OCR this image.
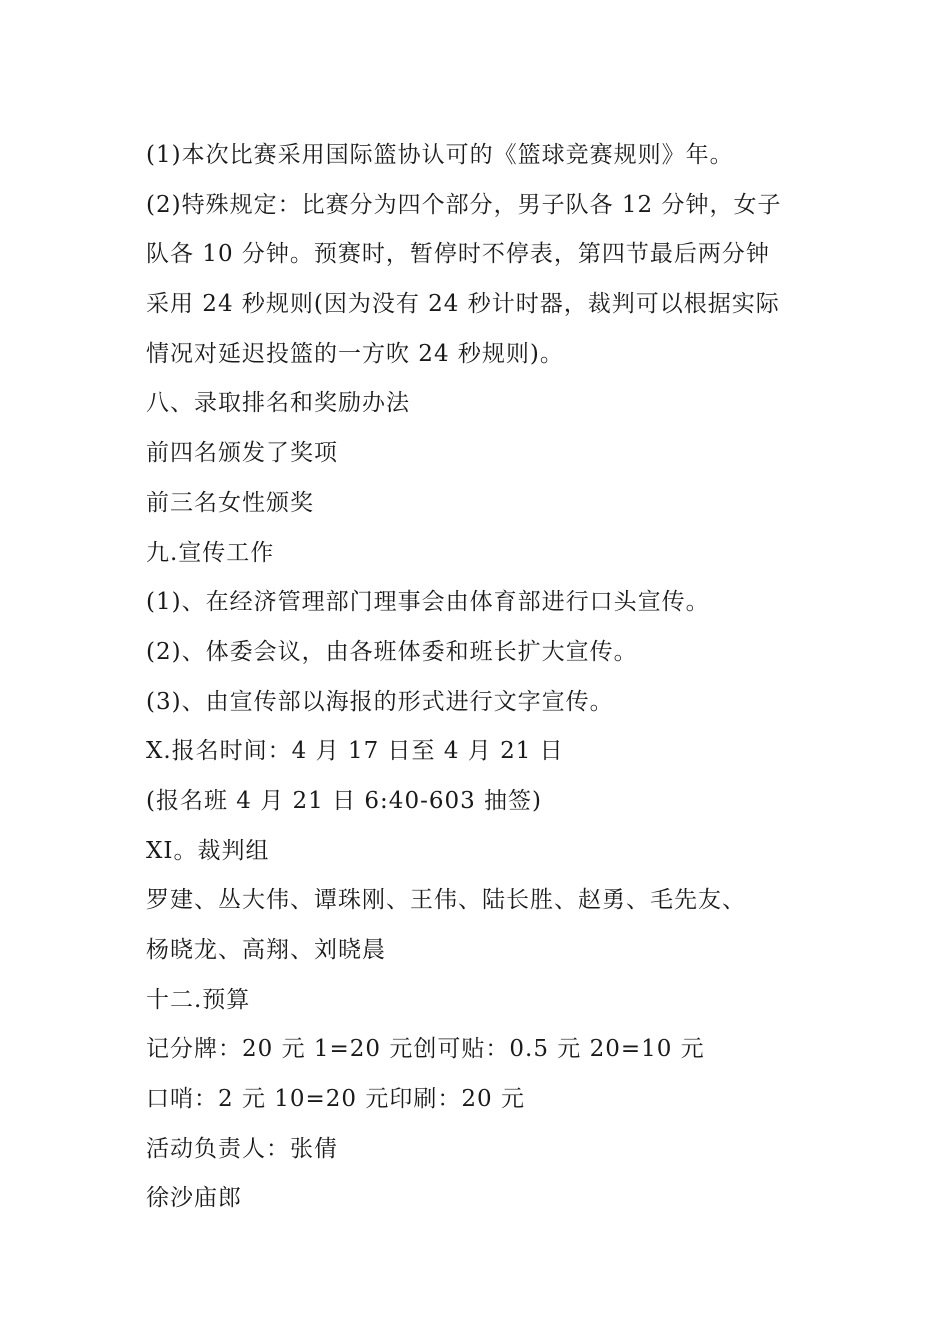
(1)本次比赛采用国际篮协认可的《篮球竞赛规则》年。
(2)特殊规定：比赛分为四个部分，男子队各 12 分钟，女子
队各 10 分钟。预赛时，暂停时不停表，第四节最后两分钟
采用 24 秒规则(因为没有 24 秒计时器，裁判可以根据实际
情况对延迟投篮的一方吹 24 秒规则)。
八、录取排名和奖励办法
前四名颁发了奖项
前三名女性颁奖
九.宣传工作
(1)、在经济管理部门理事会由体育部进行口头宣传。
(2)、体委会议，由各班体委和班长扩大宣传。
(3)、由宣传部以海报的形式进行文字宣传。
X.报名时间：4 月 17 日至 4 月 21 日
(报名班 4 月 21 日 6:40-603 抽签)
XI。裁判组
罗建、丛大伟、谭珠刚、王伟、陆长胜、赵勇、毛先友、
杨晓龙、高翔、刘晓晨
十二.预算
记分牌：20 元 1=20 元创可贴：0.5 元 20=10 元
口哨：2 元 10=20 元印刷：20 元
活动负责人：张倩
徐沙庙郎
